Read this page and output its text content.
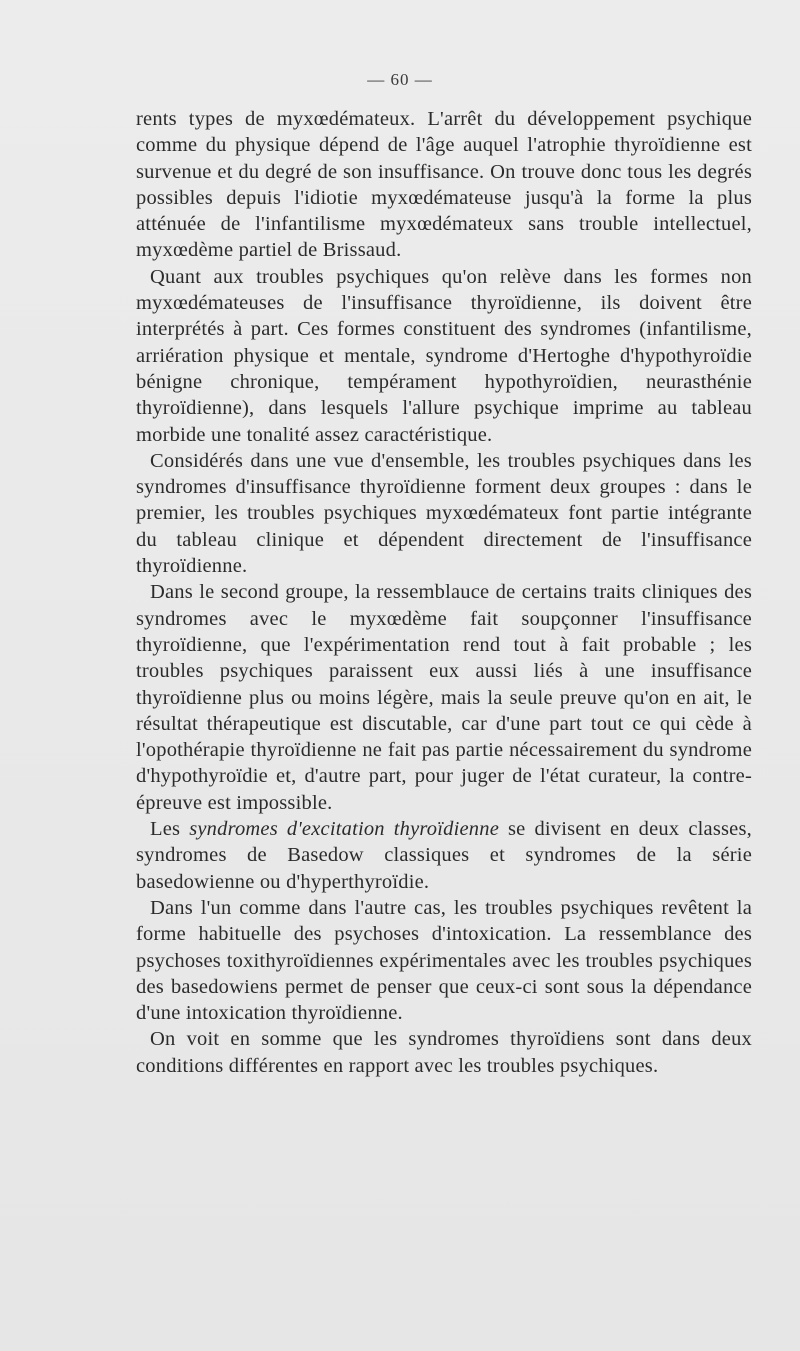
— 60 —

rents types de myxœdémateux. L'arrêt du développement psychique comme du physique dépend de l'âge auquel l'atrophie thyroïdienne est survenue et du degré de son insuffisance. On trouve donc tous les degrés possibles depuis l'idiotie myxœdémateuse jusqu'à la forme la plus atténuée de l'infantilisme myxœdémateux sans trouble intellectuel, myxœdème partiel de Brissaud.

Quant aux troubles psychiques qu'on relève dans les formes non myxœdémateuses de l'insuffisance thyroïdienne, ils doivent être interprétés à part. Ces formes constituent des syndromes (infantilisme, arriération physique et mentale, syndrome d'Hertoghe d'hypothyroïdie bénigne chronique, tempérament hypothyroïdien, neurasthénie thyroïdienne), dans lesquels l'allure psychique imprime au tableau morbide une tonalité assez caractéristique.

Considérés dans une vue d'ensemble, les troubles psychiques dans les syndromes d'insuffisance thyroïdienne forment deux groupes : dans le premier, les troubles psychiques myxœdémateux font partie intégrante du tableau clinique et dépendent directement de l'insuffisance thyroïdienne.

Dans le second groupe, la ressemblauce de certains traits cliniques des syndromes avec le myxœdème fait soupçonner l'insuffisance thyroïdienne, que l'expérimentation rend tout à fait probable ; les troubles psychiques paraissent eux aussi liés à une insuffisance thyroïdienne plus ou moins légère, mais la seule preuve qu'on en ait, le résultat thérapeutique est discutable, car d'une part tout ce qui cède à l'opothérapie thyroïdienne ne fait pas partie nécessairement du syndrome d'hypothyroïdie et, d'autre part, pour juger de l'état curateur, la contre-épreuve est impossible.

Les syndromes d'excitation thyroïdienne se divisent en deux classes, syndromes de Basedow classiques et syndromes de la série basedowienne ou d'hyperthyroïdie.

Dans l'un comme dans l'autre cas, les troubles psychiques revêtent la forme habituelle des psychoses d'intoxication. La ressemblance des psychoses toxithyroïdiennes expérimentales avec les troubles psychiques des basedowiens permet de penser que ceux-ci sont sous la dépendance d'une intoxication thyroïdienne.

On voit en somme que les syndromes thyroïdiens sont dans deux conditions différentes en rapport avec les troubles psychiques.
